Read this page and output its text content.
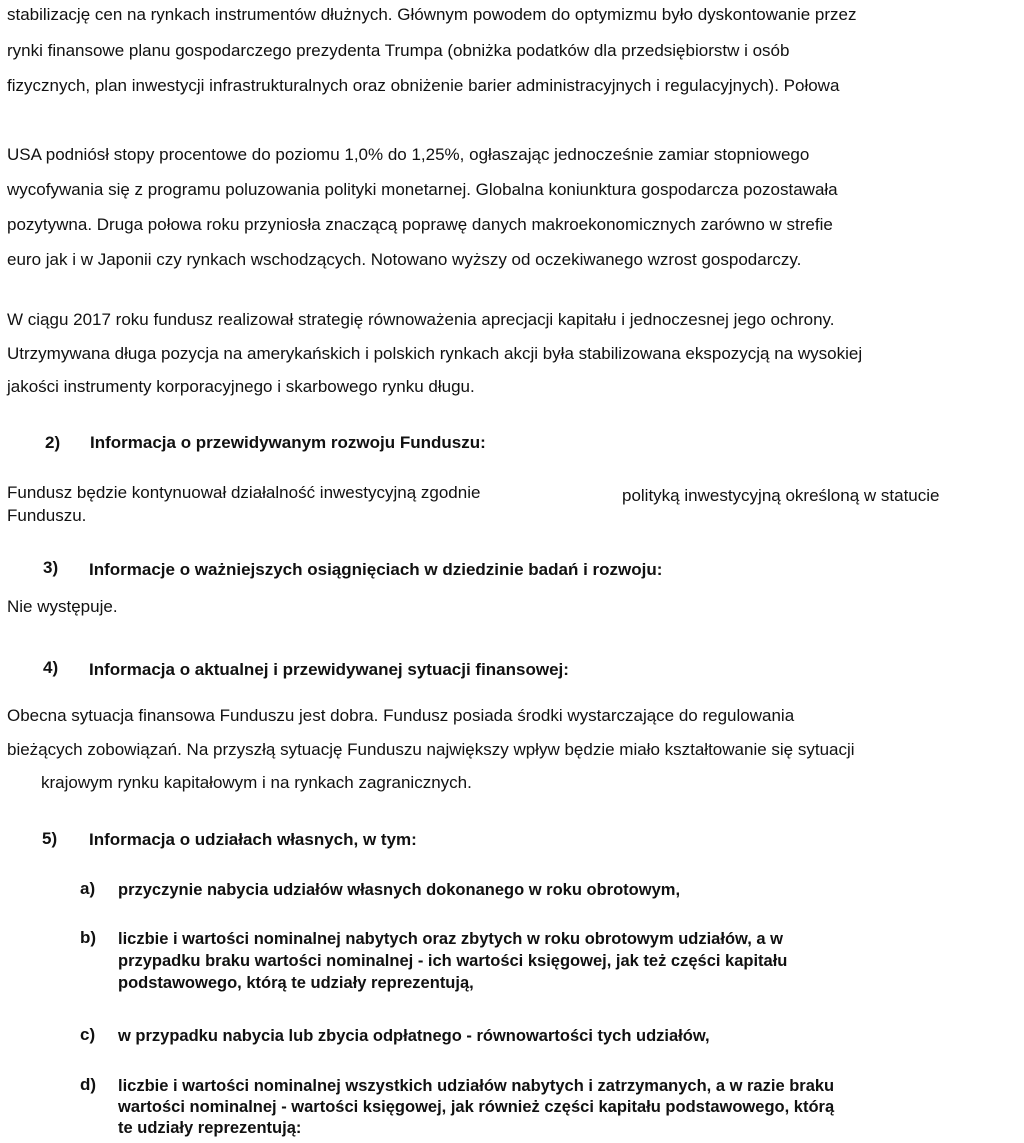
stabilizację cen na rynkach instrumentów dłużnych. Głównym powodem do optymizmu było dyskontowanie przez
rynki finansowe planu gospodarczego prezydenta Trumpa (obniżka podatków dla przedsiębiorstw i osób
fizycznych, plan inwestycji infrastrukturalnych oraz obniżenie barier administracyjnych i regulacyjnych). Połowa
USA podniósł stopy procentowe do poziomu 1,0% do 1,25%, ogłaszając jednocześnie zamiar stopniowego
wycofywania się z programu poluzowania polityki monetarnej. Globalna koniunktura gospodarcza pozostawała
pozytywna. Druga połowa roku przyniosła znaczącą poprawę danych makroekonomicznych zarówno w strefie
euro jak i w Japonii czy rynkach wschodzących. Notowano wyższy od oczekiwanego wzrost gospodarczy.
W ciągu 2017 roku fundusz realizował strategię równoważenia aprecjacji kapitału i jednoczesnej jego ochrony.
Utrzymywana długa pozycja na amerykańskich i polskich rynkach akcji była stabilizowana ekspozycją na wysokiej
jakości instrumenty korporacyjnego i skarbowego rynku długu.
2) Informacja o przewidywanym rozwoju Funduszu:
Fundusz będzie kontynuował działalność inwestycyjną zgodnie	polityką inwestycyjną określoną w statucie
Funduszu.
3) Informacje o ważniejszych osiągnięciach w dziedzinie badań i rozwoju:
Nie występuje.
4) Informacja o aktualnej i przewidywanej sytuacji finansowej:
Obecna sytuacja finansowa Funduszu jest dobra. Fundusz posiada środki wystarczające do regulowania
bieżących zobowiązań. Na przyszłą sytuację Funduszu największy wpływ będzie miało kształtowanie się sytuacji
krajowym rynku kapitałowym i na rynkach zagranicznych.
5) Informacja o udziałach własnych, w tym:
a) przyczynie nabycia udziałów własnych dokonanego w roku obrotowym,
b) liczbie i wartości nominalnej nabytych oraz zbytych w roku obrotowym udziałów, a w
przypadku braku wartości nominalnej - ich wartości księgowej, jak też części kapitału
podstawowego, którą te udziały reprezentują,
c) w przypadku nabycia lub zbycia odpłatnego - równowartości tych udziałów,
d) liczbie i wartości nominalnej wszystkich udziałów nabytych i zatrzymanych, a w razie braku
wartości nominalnej - wartości księgowej, jak również części kapitału podstawowego, którą
te udziały reprezentują:
